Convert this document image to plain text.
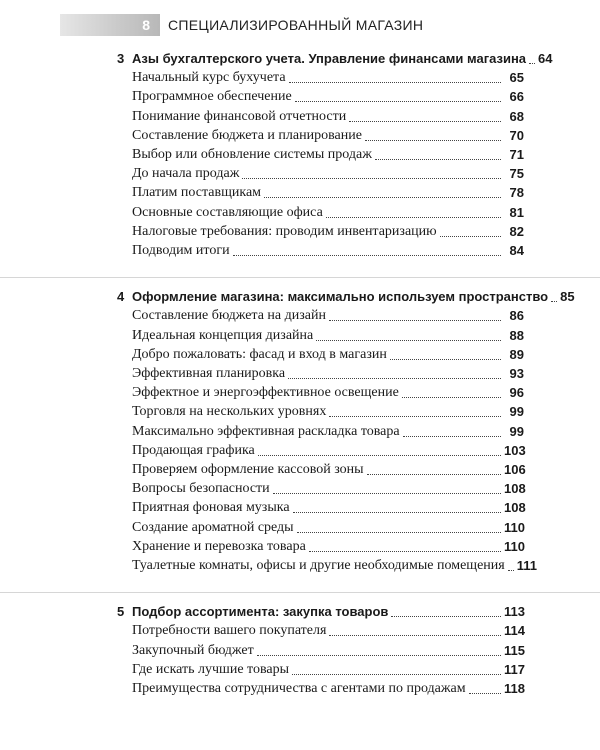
8 СПЕЦИАЛИЗИРОВАННЫЙ МАГАЗИН
3 Азы бухгалтерского учета. Управление финансами магазина 64
Начальный курс бухучета	65
Программное обеспечение	66
Понимание финансовой отчетности	68
Составление бюджета и планирование	70
Выбор или обновление системы продаж	71
До начала продаж	75
Платим поставщикам	78
Основные составляющие офиса	81
Налоговые требования: проводим инвентаризацию	82
Подводим итоги	84
4 Оформление магазина: максимально используем пространство 85
Составление бюджета на дизайн	86
Идеальная концепция дизайна	88
Добро пожаловать: фасад и вход в магазин	89
Эффективная планировка	93
Эффектное и энергоэффективное освещение	96
Торговля на нескольких уровнях	99
Максимально эффективная раскладка товара	99
Продающая графика	103
Проверяем оформление кассовой зоны	106
Вопросы безопасности	108
Приятная фоновая музыка	108
Создание ароматной среды	110
Хранение и перевозка товара	110
Туалетные комнаты, офисы и другие необходимые помещения 111
5 Подбор ассортимента: закупка товаров	113
Потребности вашего покупателя	114
Закупочный бюджет	115
Где искать лучшие товары	117
Преимущества сотрудничества с агентами по продажам	118
